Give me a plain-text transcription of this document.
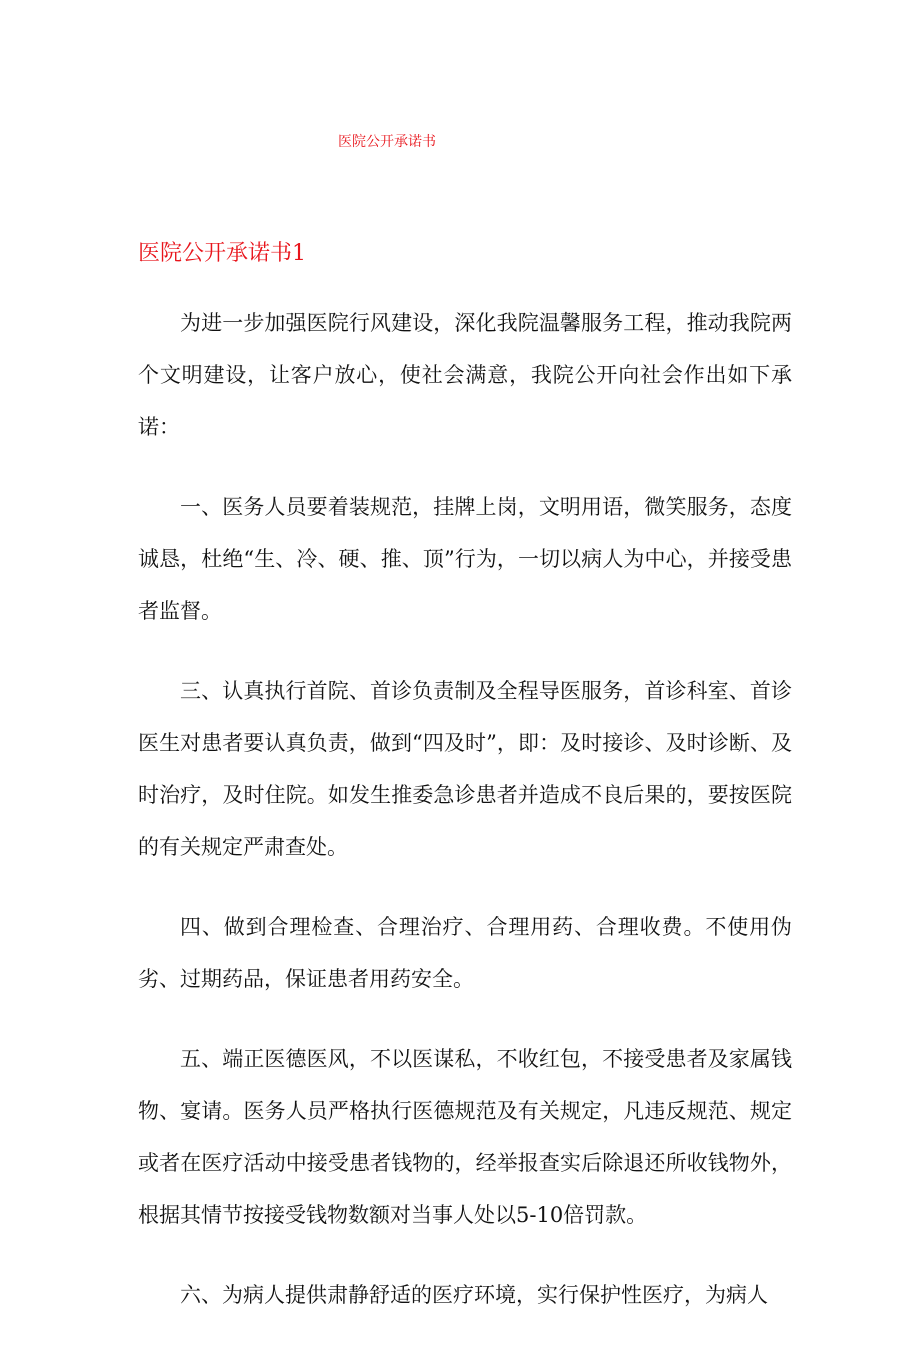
医院公开承诺书
医院公开承诺书1

为进一步加强医院行风建设，深化我院温馨服务工程，推动我院两个文明建设，让客户放心，使社会满意，我院公开向社会作出如下承诺：

一、医务人员要着装规范，挂牌上岗，文明用语，微笑服务，态度诚恳，杜绝“生、冷、硬、推、顶”行为，一切以病人为中心，并接受患者监督。

三、认真执行首院、首诊负责制及全程导医服务，首诊科室、首诊医生对患者要认真负责，做到“四及时”，即：及时接诊、及时诊断、及时治疗，及时住院。如发生推委急诊患者并造成不良后果的，要按医院的有关规定严肃查处。

四、做到合理检查、合理治疗、合理用药、合理收费。不使用伪劣、过期药品，保证患者用药安全。

五、端正医德医风，不以医谋私，不收红包，不接受患者及家属钱物、宴请。医务人员严格执行医德规范及有关规定，凡违反规范、规定或者在医疗活动中接受患者钱物的，经举报查实后除退还所收钱物外，根据其情节按接受钱物数额对当事人处以5-10倍罚款。

六、为病人提供肃静舒适的医疗环境，实行保护性医疗，为病人
